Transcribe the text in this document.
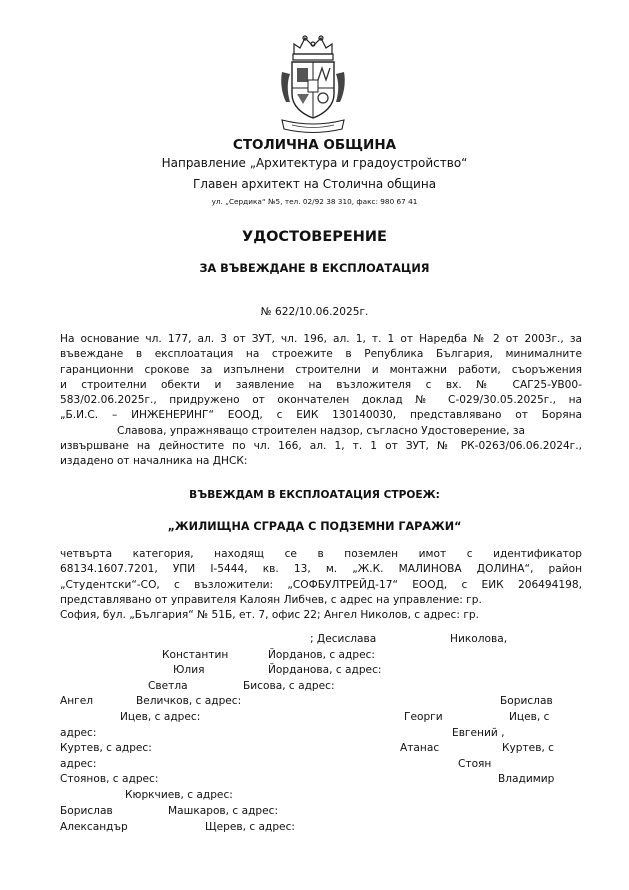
СТОЛИЧНА ОБЩИНА
Направление „Архитектура и градоустройство“
Главен архитект на Столична община
ул. „Сердика“ №5, тел. 02/92 38 310, факс: 980 67 41
УДОСТОВЕРЕНИЕ
ЗА ВЪВЕЖДАНЕ В ЕКСПЛОАТАЦИЯ
№ 622/10.06.2025г.
На основание чл. 177, ал. 3 от ЗУТ, чл. 196, ал. 1, т. 1 от Наредба № 2 от 2003г., за
въвеждане в експлоатация на строежите в Република България, минималните
гаранционни срокове за изпълнени строителни и монтажни работи, съоръжения
и строителни обекти и заявление на възложителя с вх. № САГ25-УВ00-
583/02.06.2025г., придружено от окончателен доклад № С-029/30.05.2025г., на
„Б.И.С. – ИНЖЕНЕРИНГ“ ЕООД, с ЕИК 130140030, представлявано от Боряна
Славова, упражняващо строителен надзор, съгласно Удостоверение, за
извършване на дейностите по чл. 166, ал. 1, т. 1 от ЗУТ, № РК-0263/06.06.2024г.,
издадено от началника на ДНСК:
ВЪВЕЖДАМ В ЕКСПЛОАТАЦИЯ СТРОЕЖ:
„ЖИЛИЩНА СГРАДА С ПОДЗЕМНИ ГАРАЖИ“
четвърта категория, находящ се в поземлен имот с идентификатор
68134.1607.7201, УПИ І-5444, кв. 13, м. „Ж.К. МАЛИНОВА ДОЛИНА“, район
„Студентски“-СО, с възложители: „СОФБУЛТРЕЙД-17“ ЕООД, с ЕИК 206494198,
представлявано от управителя Калоян Либчев, с адрес на управление: гр.
София, бул. „България“ № 51Б, ет. 7, офис 22; Ангел Николов, с адрес: гр.
; Десислава	Николова,
Константин	Йорданов, с адрес:
Юлия	Йорданова, с адрес:
Светла	Бисова, с адрес:
Ангел	Величков, с адрес:	Борислав
Ицев, с адрес:	Георги	Ицев, с
адрес:	Евгений ,
Куртев, с адрес:	Атанас	Куртев, с
адрес:	Стоян
Стоянов, с адрес:	Владимир
Кюркчиев, с адрес:
Борислав	Машкаров, с адрес:
Александър	Щерев, с адрес:
